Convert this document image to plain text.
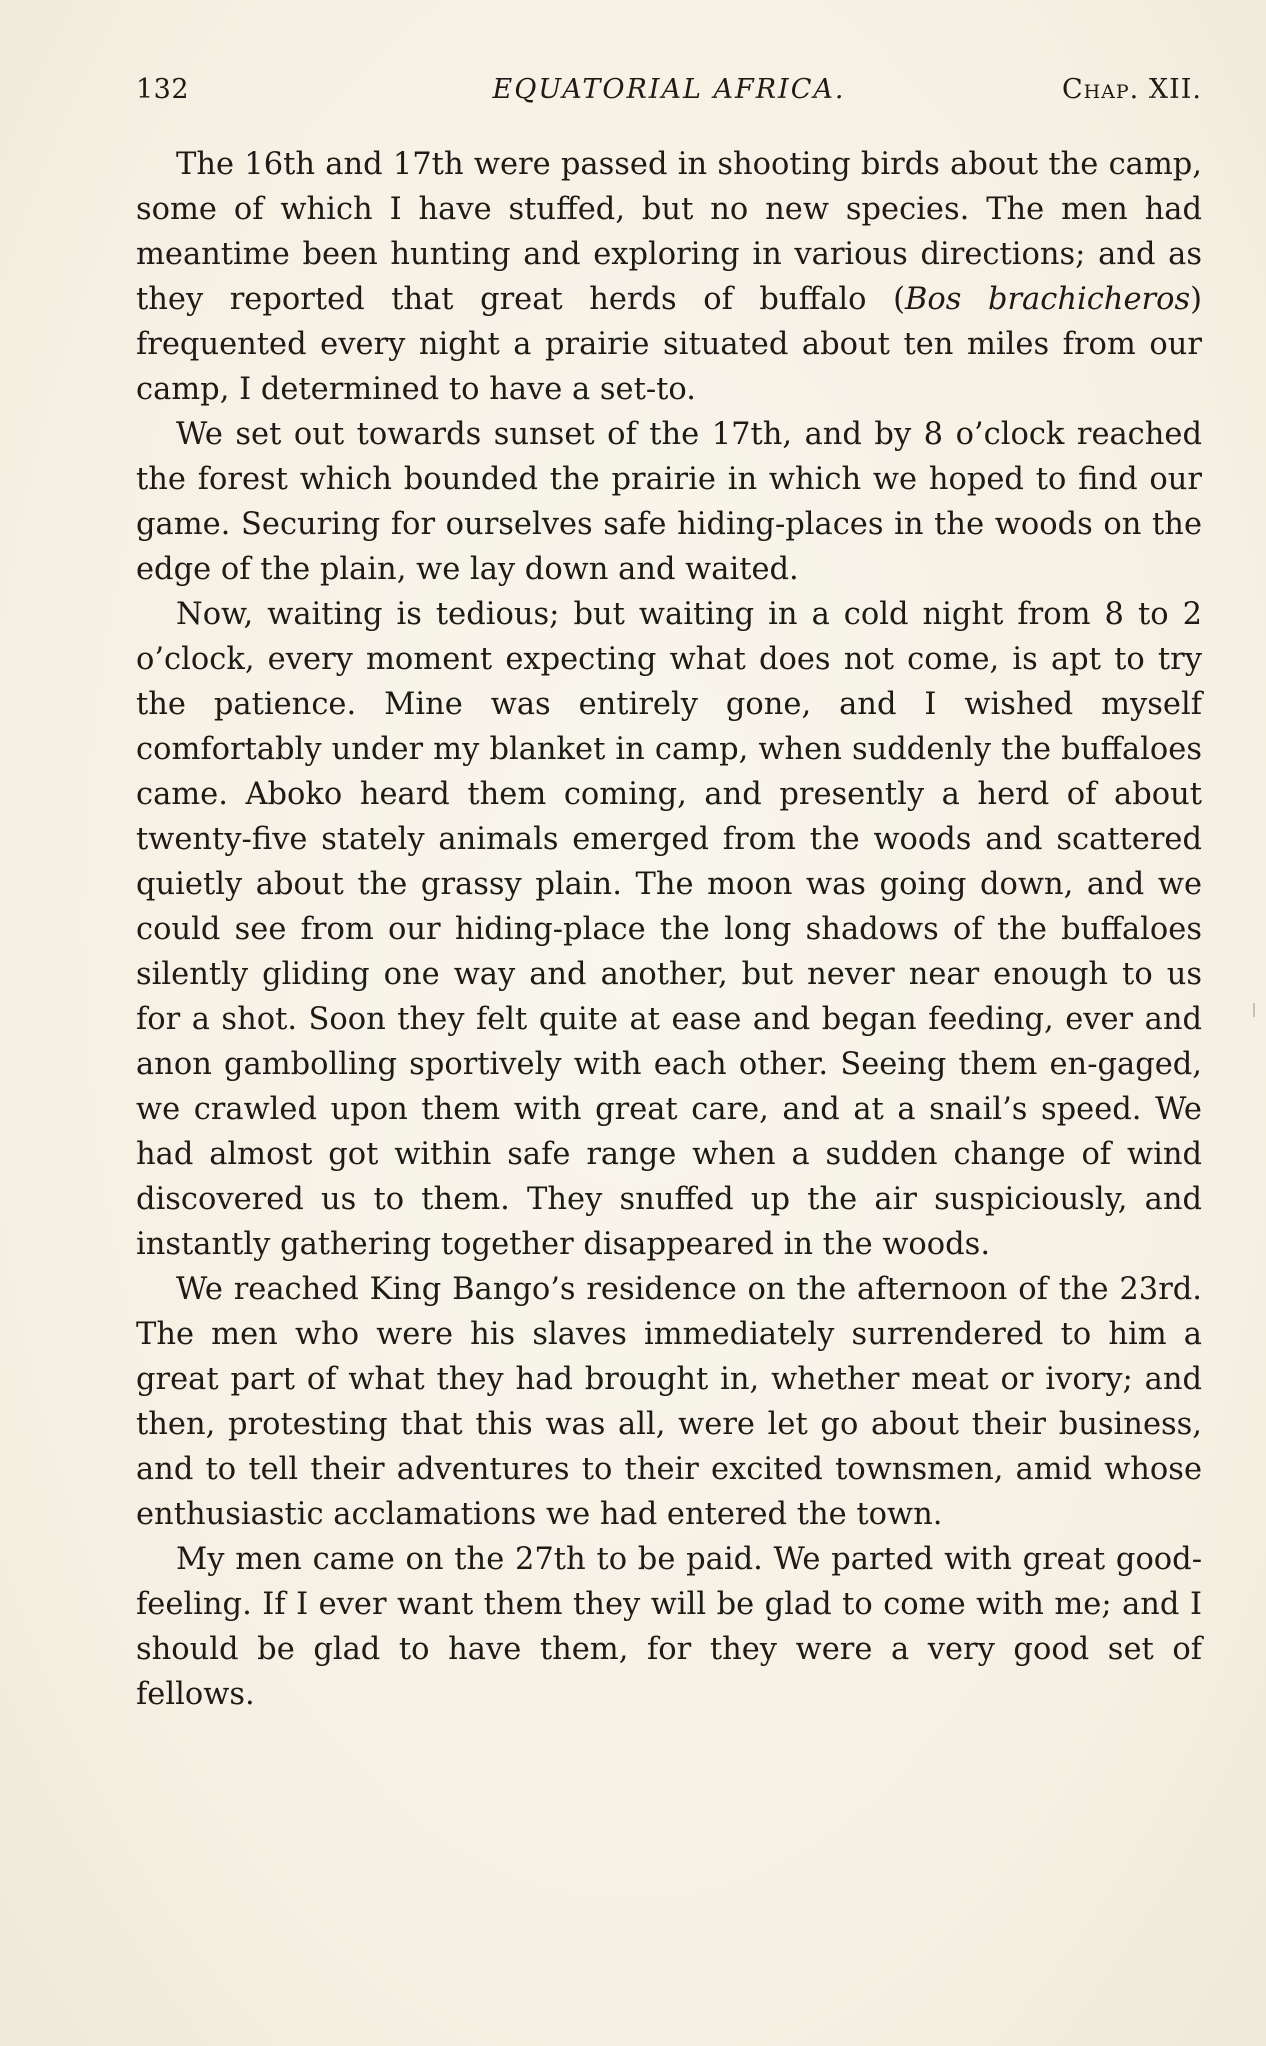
132	EQUATORIAL AFRICA.	Chap. XII.

The 16th and 17th were passed in shooting birds about the camp, some of which I have stuffed, but no new species. The men had meantime been hunting and exploring in various directions; and as they reported that great herds of buffalo (Bos brachicheros) frequented every night a prairie situated about ten miles from our camp, I determined to have a set-to.

We set out towards sunset of the 17th, and by 8 o’clock reached the forest which bounded the prairie in which we hoped to find our game. Securing for ourselves safe hiding-places in the woods on the edge of the plain, we lay down and waited.

Now, waiting is tedious; but waiting in a cold night from 8 to 2 o’clock, every moment expecting what does not come, is apt to try the patience. Mine was entirely gone, and I wished myself comfortably under my blanket in camp, when suddenly the buffaloes came. Aboko heard them coming, and presently a herd of about twenty-five stately animals emerged from the woods and scattered quietly about the grassy plain. The moon was going down, and we could see from our hiding-place the long shadows of the buffaloes silently gliding one way and another, but never near enough to us for a shot. Soon they felt quite at ease and began feeding, ever and anon gambolling sportively with each other. Seeing them en-gaged, we crawled upon them with great care, and at a snail’s speed. We had almost got within safe range when a sudden change of wind discovered us to them. They snuffed up the air suspiciously, and instantly gathering together disappeared in the woods.

We reached King Bango’s residence on the afternoon of the 23rd. The men who were his slaves immediately surrendered to him a great part of what they had brought in, whether meat or ivory; and then, protesting that this was all, were let go about their business, and to tell their adventures to their excited townsmen, amid whose enthusiastic acclamations we had entered the town.

My men came on the 27th to be paid. We parted with great good-feeling. If I ever want them they will be glad to come with me; and I should be glad to have them, for they were a very good set of fellows.
